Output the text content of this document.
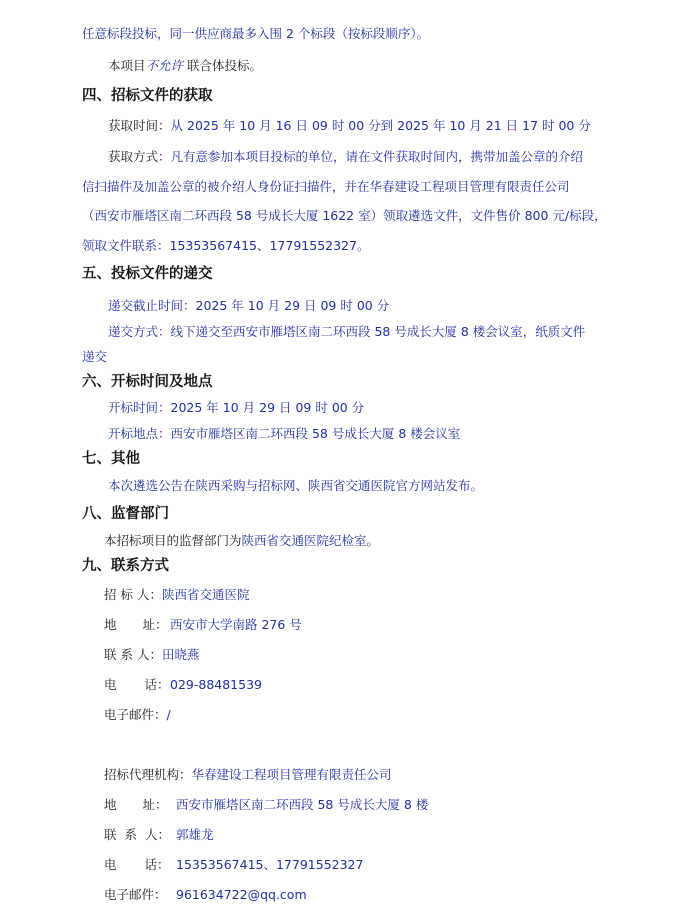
任意标段投标，同一供应商最多入围 2 个标段（按标段顺序）。
本项目不允许 联合体投标。
四、招标文件的获取
获取时间：从 2025 年 10 月 16 日 09 时 00 分到 2025 年 10 月 21 日 17 时 00 分
获取方式：凡有意参加本项目投标的单位，请在文件获取时间内，携带加盖公章的介绍
信扫描件及加盖公章的被介绍人身份证扫描件，并在华春建设工程项目管理有限责任公司
（西安市雁塔区南二环西段 58 号成长大厦 1622 室）领取遴选文件，文件售价 800 元/标段，
领取文件联系：15353567415、17791552327。
五、投标文件的递交
递交截止时间：2025 年 10 月 29 日 09 时 00 分
递交方式：线下递交至西安市雁塔区南二环西段 58 号成长大厦 8 楼会议室，纸质文件
递交
六、开标时间及地点
开标时间：2025 年 10 月 29 日 09 时 00 分
开标地点：西安市雁塔区南二环西段 58 号成长大厦 8 楼会议室
七、其他
本次遴选公告在陕西采购与招标网、陕西省交通医院官方网站发布。
八、监督部门
本招标项目的监督部门为陕西省交通医院纪检室。
九、联系方式
招 标 人：陕西省交通医院
地 址： 西安市大学南路 276 号
联 系 人：田晓燕
电 话：029-88481539
电子邮件：/
招标代理机构：华春建设工程项目管理有限责任公司
地 址： 西安市雁塔区南二环西段 58 号成长大厦 8 楼
联 系 人： 郭雄龙
电 话： 15353567415、17791552327
电子邮件： 961634722@qq.com
